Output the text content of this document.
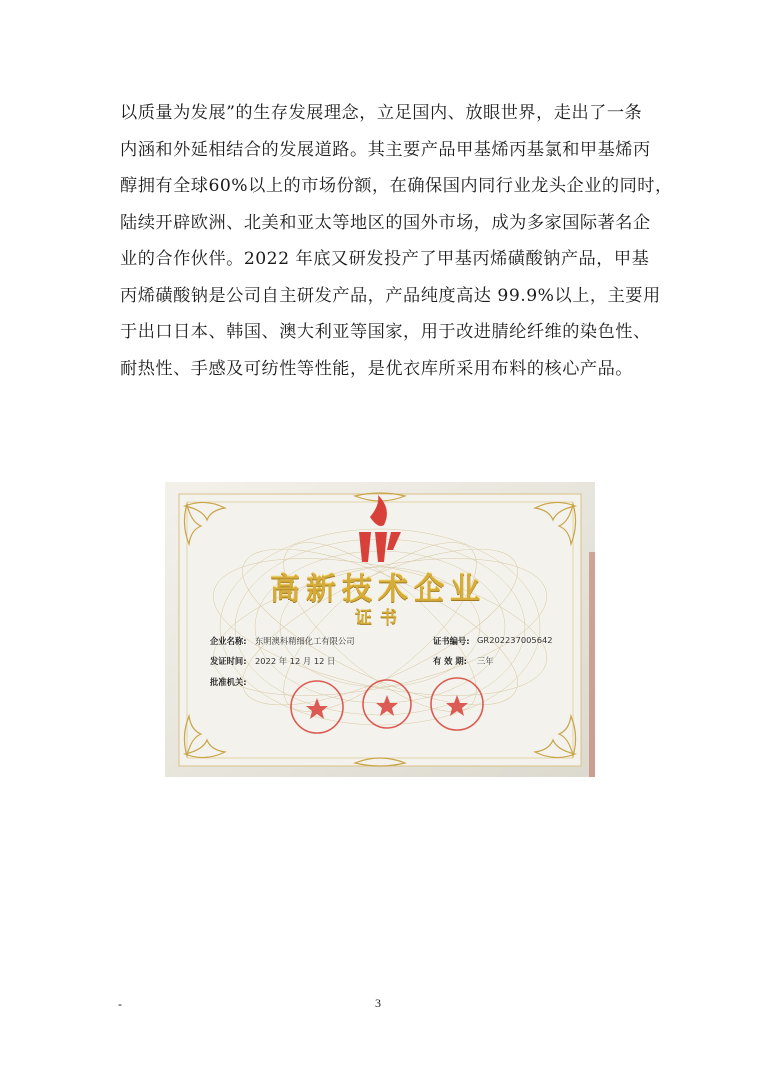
以质量为发展”的生存发展理念，立足国内、放眼世界，走出了一条
内涵和外延相结合的发展道路。其主要产品甲基烯丙基氯和甲基烯丙
醇拥有全球60%以上的市场份额，在确保国内同行业龙头企业的同时，
陆续开辟欧洲、北美和亚太等地区的国外市场，成为多家国际著名企
业的合作伙伴。2022 年底又研发投产了甲基丙烯磺酸钠产品，甲基
丙烯磺酸钠是公司自主研发产品，产品纯度高达 99.9%以上，主要用
于出口日本、韩国、澳大利亚等国家，用于改进腈纶纤维的染色性、
耐热性、手感及可纺性等性能，是优衣库所采用布料的核心产品。
高新技术企业
证书
企业名称: 东明澳科精细化工有限公司	证书编号: GR202237005642
发证时间: 2022 年 12 月 12 日	有 效 期: 三年
批准机关:
-	3
